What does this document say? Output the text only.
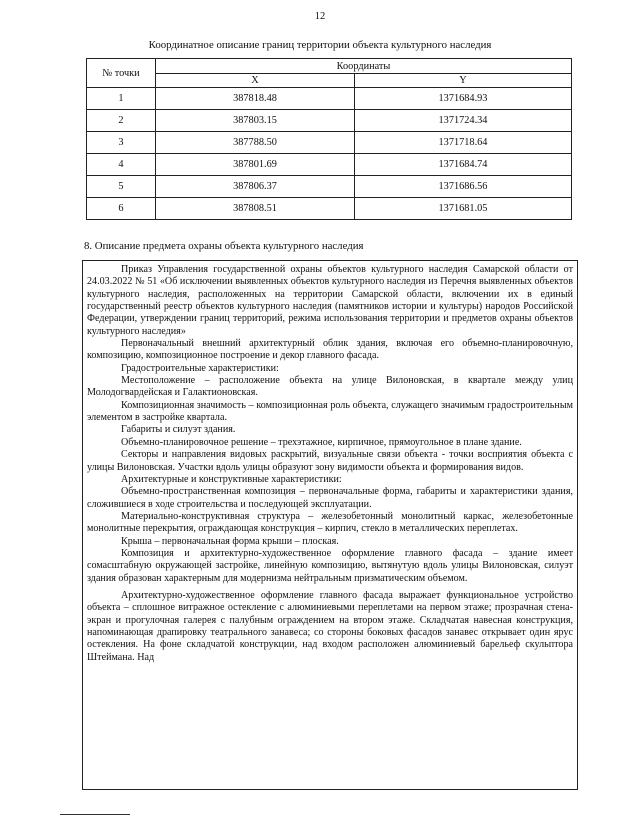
12
Координатное описание границ территории объекта культурного наследия
№ точки	Координаты	
	X	Y
1	387818.48	1371684.93
2	387803.15	1371724.34
3	387788.50	1371718.64
4	387801.69	1371684.74
5	387806.37	1371686.56
6	387808.51	1371681.05
8. Описание предмета охраны объекта культурного наследия

Приказ Управления государственной охраны объектов культурного наследия Самарской области от 24.03.2022 № 51 «Об исключении выявленных объектов культурного наследия из Перечня выявленных объектов культурного наследия, расположенных на территории Самарской области, включении их в единый государственный реестр объектов культурного наследия (памятников истории и культуры) народов Российской Федерации, утверждении границ территорий, режима использования территории и предметов охраны объектов культурного наследия»

Первоначальный внешний архитектурный облик здания, включая его объемно-планировочную, композицию, композиционное построение и декор главного фасада.

Градостроительные характеристики:

Местоположение – расположение объекта на улице Вилоновская, в квартале между улиц Молодогвардейская и Галактионовская.

Композиционная значимость – композиционная роль объекта, служащего значимым градостроительным элементом в застройке квартала.

Габариты и силуэт здания.

Объемно-планировочное решение – трехэтажное, кирпичное, прямоугольное в плане здание.

Секторы и направления видовых раскрытий, визуальные связи объекта - точки восприятия объекта с улицы Вилоновская. Участки вдоль улицы образуют зону видимости объекта и формирования видов.

Архитектурные и конструктивные характеристики:

Объемно-пространственная композиция – первоначальные форма, габариты и характеристики здания, сложившиеся в ходе строительства и последующей эксплуатации.

Материально-конструктивная структура – железобетонный монолитный каркас, железобетонные монолитные перекрытия, ограждающая конструкция – кирпич, стекло в металлических переплетах.

Крыша – первоначальная форма крыши – плоская.

Композиция и архитектурно-художественное оформление главного фасада – здание имеет сомасштабную окружающей застройке, линейную композицию, вытянутую вдоль улицы Вилоновская, силуэт здания образован характерным для модернизма нейтральным призматическим объемом.

Архитектурно-художественное оформление главного фасада выражает функциональное устройство объекта – сплошное витражное остекление с алюминиевыми переплетами на первом этаже; прозрачная стена-экран и прогулочная галерея с палубным ограждением на втором этаже. Складчатая навесная конструкция, напоминающая драпировку театрального занавеса; со стороны боковых фасадов занавес открывает один ярус остекления. На фоне складчатой конструкции, над входом расположен алюминиевый барельеф скульптора Штеймана. Над
